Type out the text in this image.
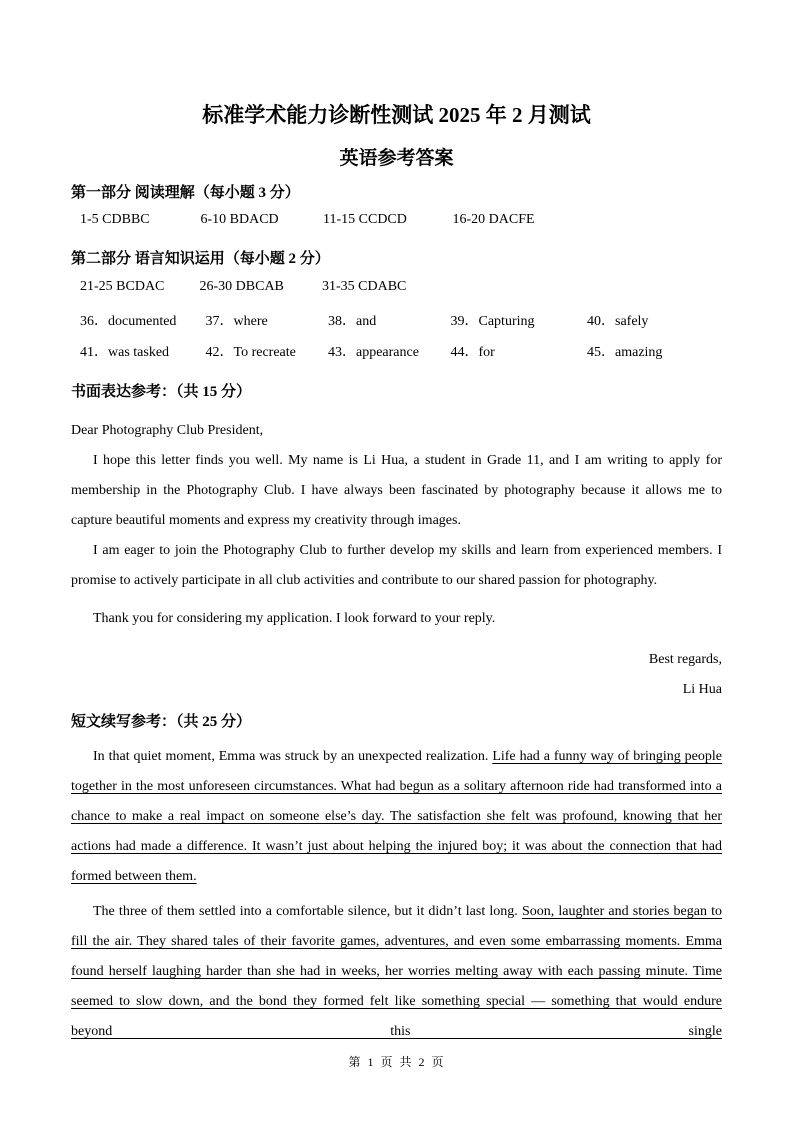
标准学术能力诊断性测试 2025 年 2 月测试
英语参考答案
第一部分 阅读理解（每小题 3 分）
1-5 CDBBC	6-10 BDACD	11-15 CCDCD	16-20 DACFE
第二部分 语言知识运用（每小题 2 分）
21-25 BCDAC	26-30 DBCAB	31-35 CDABC
36．documented 37．where	38．and	39．Capturing	40．safely
41．was tasked	42．To recreate 43．appearance 44．for	45．amazing
书面表达参考：（共 15 分）

Dear Photography Club President,

I hope this letter finds you well. My name is Li Hua, a student in Grade 11, and I am writing to apply for membership in the Photography Club. I have always been fascinated by photography because it allows me to capture beautiful moments and express my creativity through images.

I am eager to join the Photography Club to further develop my skills and learn from experienced members. I promise to actively participate in all club activities and contribute to our shared passion for photography.

Thank you for considering my application. I look forward to your reply.

Best regards,

Li Hua

短文续写参考：（共 25 分）

In that quiet moment, Emma was struck by an unexpected realization. Life had a funny way of bringing people together in the most unforeseen circumstances. What had begun as a solitary afternoon ride had transformed into a chance to make a real impact on someone else’s day. The satisfaction she felt was profound, knowing that her actions had made a difference. It wasn’t just about helping the injured boy; it was about the connection that had formed between them.

The three of them settled into a comfortable silence, but it didn’t last long. Soon, laughter and stories began to fill the air. They shared tales of their favorite games, adventures, and even some embarrassing moments. Emma found herself laughing harder than she had in weeks, her worries melting away with each passing minute. Time seemed to slow down, and the bond they formed felt like something special — something that would endure beyond this single

第 1 页 共 2 页
